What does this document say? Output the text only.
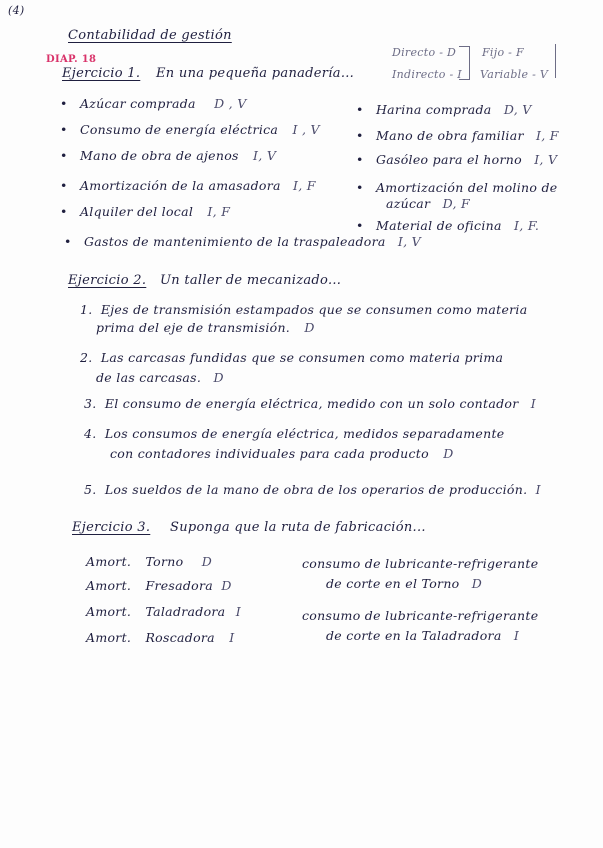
(4)
Contabilidad de gestión
DIAP. 18
Directo - D
Indirecto - I
Fijo - F
Variable - V
Ejercicio 1. En una pequeña panadería...
• Azúcar comprada D , V
• Consumo de energía eléctrica I , V
• Mano de obra de ajenos I, V
• Amortización de la amasadora I, F
• Alquiler del local I, F
• Gastos de mantenimiento de la traspaleadora I, V
• Harina comprada D, V
• Mano de obra familiar I, F
• Gasóleo para el horno I, V
• Amortización del molino de
azúcar D, F
• Material de oficina I, F.
Ejercicio 2. Un taller de mecanizado...
1. Ejes de transmisión estampados que se consumen como materia
prima del eje de transmisión. D
2. Las carcasas fundidas que se consumen como materia prima
de las carcasas. D
3. El consumo de energía eléctrica, medido con un solo contador I
4. Los consumos de energía eléctrica, medidos separadamente
con contadores individuales para cada producto D
5. Los sueldos de la mano de obra de los operarios de producción. I
Ejercicio 3. Suponga que la ruta de fabricación...
Amort. Torno D
Amort. Fresadora D
Amort. Taladradora I
Amort. Roscadora I
consumo de lubricante-refrigerante
de corte en el Torno D
consumo de lubricante-refrigerante
de corte en la Taladradora I
